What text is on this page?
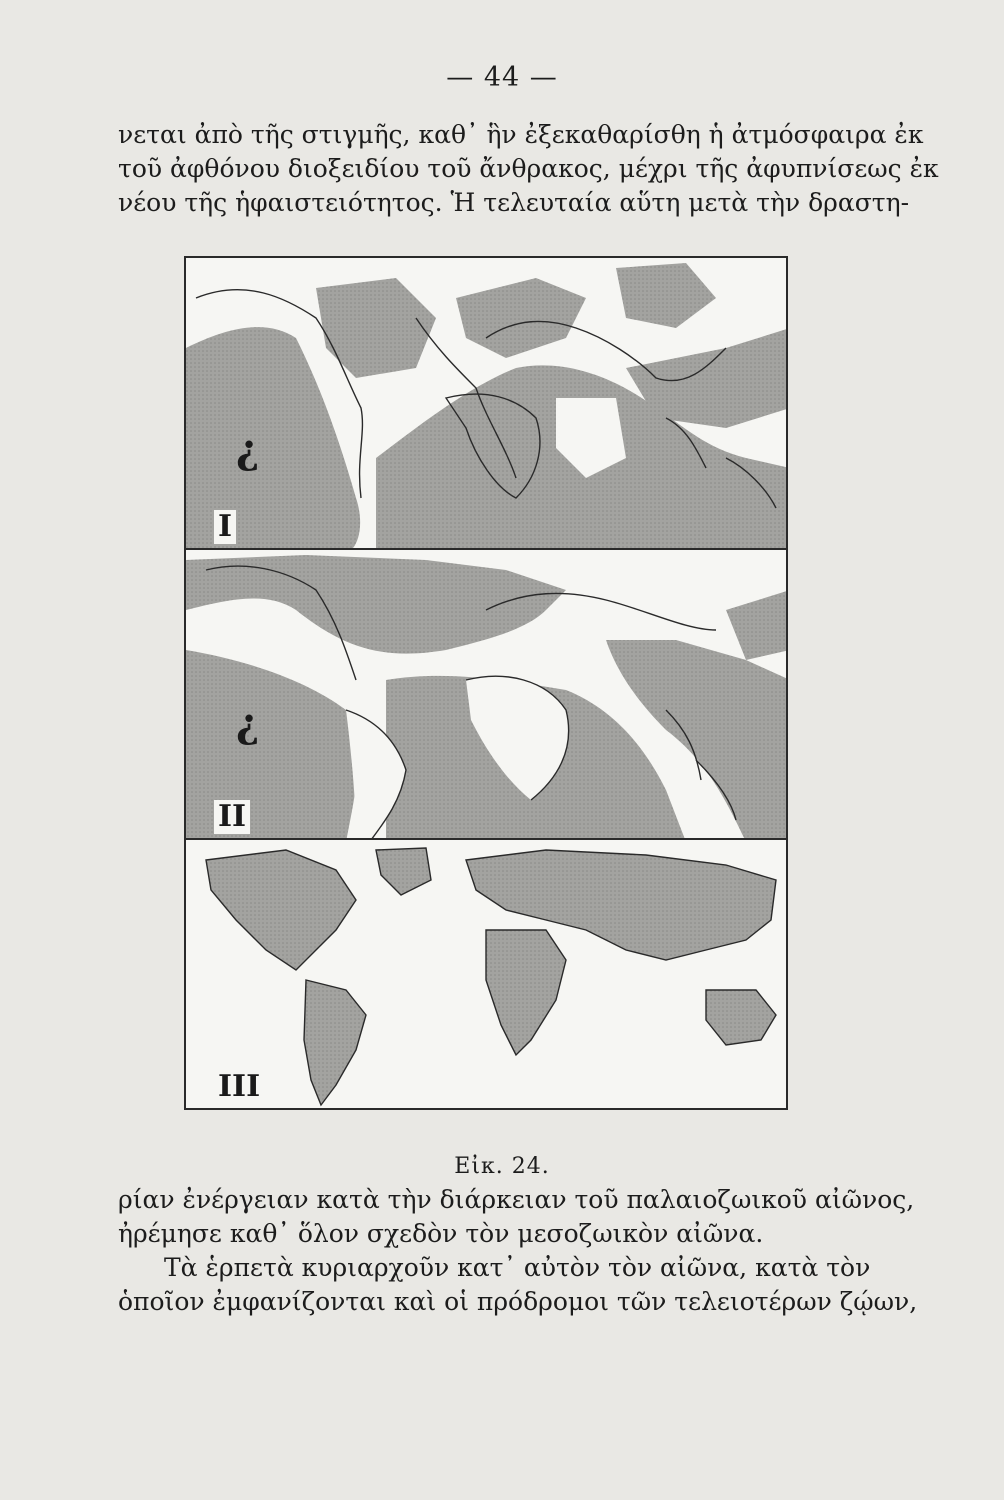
— 44 —
νεται ἀπὸ τῆς στιγμῆς, καθ᾽ ἣν ἐξεκαθαρίσθη ἡ ἀτμόσφαιρα ἐκ
τοῦ ἀφθόνου διοξειδίου τοῦ ἄνθρακος, μέχρι τῆς ἀφυπνίσεως ἐκ
νέου τῆς ἡφαιστειότητος. Ἡ τελευταία αὕτη μετὰ τὴν δραστη-
¿
I
¿
II
III
Εἰκ. 24.
ρίαν ἐνέργειαν κατὰ τὴν διάρκειαν τοῦ παλαιοζωικοῦ αἰῶνος,
ἠρέμησε καθ᾽ ὅλον σχεδὸν τὸν μεσοζωικὸν αἰῶνα.
Τὰ ἑρπετὰ κυριαρχοῦν κατ᾽ αὐτὸν τὸν αἰῶνα, κατὰ τὸν
ὁποῖον ἐμφανίζονται καὶ οἱ πρόδρομοι τῶν τελειοτέρων ζῴων,
